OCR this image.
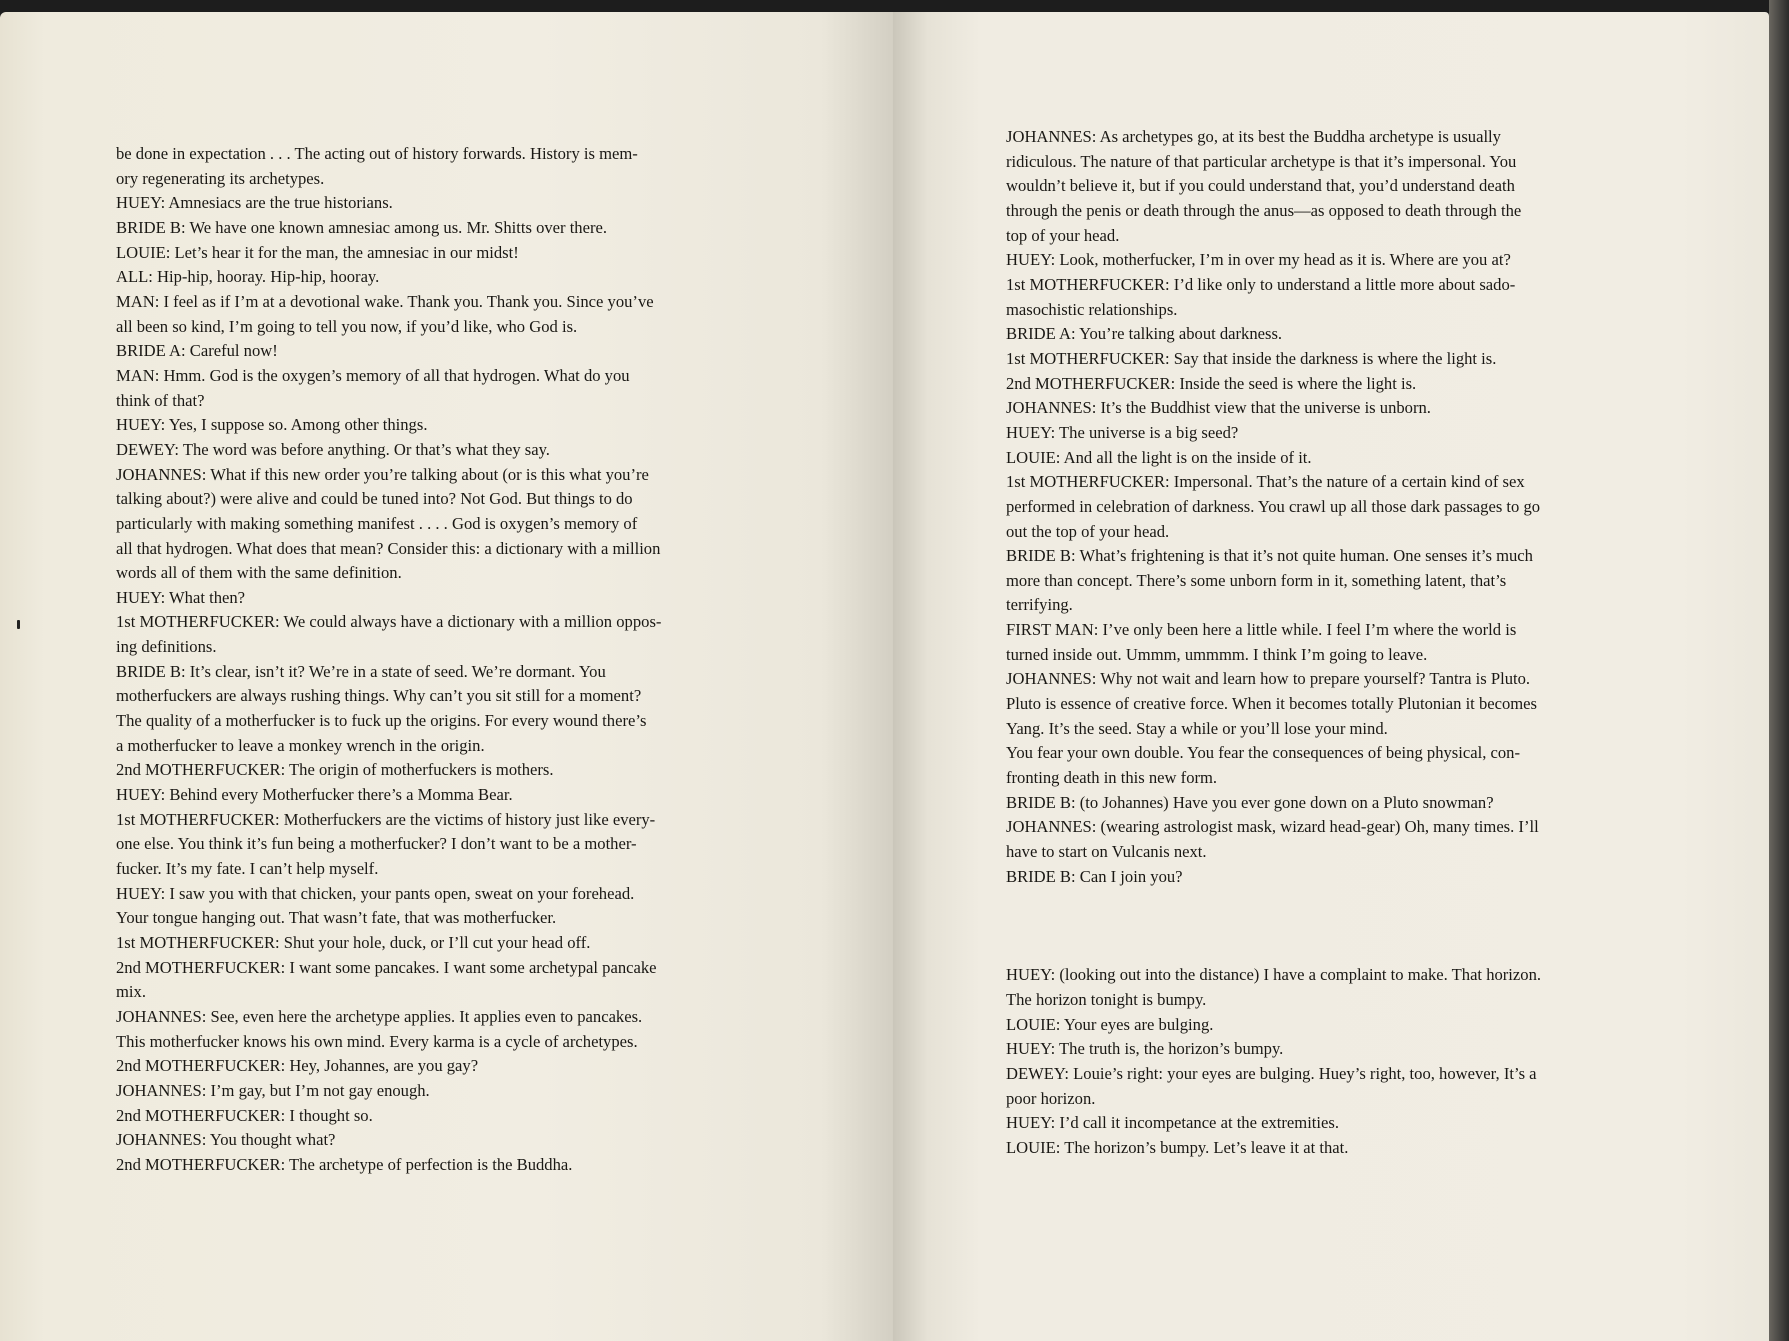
be done in expectation . . . The acting out of history forwards. History is mem-
ory regenerating its archetypes.
HUEY: Amnesiacs are the true historians.
BRIDE B: We have one known amnesiac among us. Mr. Shitts over there.
LOUIE: Let’s hear it for the man, the amnesiac in our midst!
ALL: Hip-hip, hooray. Hip-hip, hooray.
MAN: I feel as if I’m at a devotional wake. Thank you. Thank you. Since you’ve
all been so kind, I’m going to tell you now, if you’d like, who God is.
BRIDE A: Careful now!
MAN: Hmm. God is the oxygen’s memory of all that hydrogen. What do you
think of that?
HUEY: Yes, I suppose so. Among other things.
DEWEY: The word was before anything. Or that’s what they say.
JOHANNES: What if this new order you’re talking about (or is this what you’re
talking about?) were alive and could be tuned into? Not God. But things to do
particularly with making something manifest . . . . God is oxygen’s memory of
all that hydrogen. What does that mean? Consider this: a dictionary with a million
words all of them with the same definition.
HUEY: What then?
1st MOTHERFUCKER: We could always have a dictionary with a million oppos-
ing definitions.
BRIDE B: It’s clear, isn’t it? We’re in a state of seed. We’re dormant. You
motherfuckers are always rushing things. Why can’t you sit still for a moment?
The quality of a motherfucker is to fuck up the origins. For every wound there’s
a motherfucker to leave a monkey wrench in the origin.
2nd MOTHERFUCKER: The origin of motherfuckers is mothers.
HUEY: Behind every Motherfucker there’s a Momma Bear.
1st MOTHERFUCKER: Motherfuckers are the victims of history just like every-
one else. You think it’s fun being a motherfucker? I don’t want to be a mother-
fucker. It’s my fate. I can’t help myself.
HUEY: I saw you with that chicken, your pants open, sweat on your forehead.
Your tongue hanging out. That wasn’t fate, that was motherfucker.
1st MOTHERFUCKER: Shut your hole, duck, or I’ll cut your head off.
2nd MOTHERFUCKER: I want some pancakes. I want some archetypal pancake
mix.
JOHANNES: See, even here the archetype applies. It applies even to pancakes.
This motherfucker knows his own mind. Every karma is a cycle of archetypes.
2nd MOTHERFUCKER: Hey, Johannes, are you gay?
JOHANNES: I’m gay, but I’m not gay enough.
2nd MOTHERFUCKER: I thought so.
JOHANNES: You thought what?
2nd MOTHERFUCKER: The archetype of perfection is the Buddha.
JOHANNES: As archetypes go, at its best the Buddha archetype is usually
ridiculous. The nature of that particular archetype is that it’s impersonal. You
wouldn’t believe it, but if you could understand that, you’d understand death
through the penis or death through the anus—as opposed to death through the
top of your head.
HUEY: Look, motherfucker, I’m in over my head as it is. Where are you at?
1st MOTHERFUCKER: I’d like only to understand a little more about sado-
masochistic relationships.
BRIDE A: You’re talking about darkness.
1st MOTHERFUCKER: Say that inside the darkness is where the light is.
2nd MOTHERFUCKER: Inside the seed is where the light is.
JOHANNES: It’s the Buddhist view that the universe is unborn.
HUEY: The universe is a big seed?
LOUIE: And all the light is on the inside of it.
1st MOTHERFUCKER: Impersonal. That’s the nature of a certain kind of sex
performed in celebration of darkness. You crawl up all those dark passages to go
out the top of your head.
BRIDE B: What’s frightening is that it’s not quite human. One senses it’s much
more than concept. There’s some unborn form in it, something latent, that’s
terrifying.
FIRST MAN: I’ve only been here a little while. I feel I’m where the world is
turned inside out. Ummm, ummmm. I think I’m going to leave.
JOHANNES: Why not wait and learn how to prepare yourself? Tantra is Pluto.
Pluto is essence of creative force. When it becomes totally Plutonian it becomes
Yang. It’s the seed. Stay a while or you’ll lose your mind.
You fear your own double. You fear the consequences of being physical, con-
fronting death in this new form.
BRIDE B: (to Johannes) Have you ever gone down on a Pluto snowman?
JOHANNES: (wearing astrologist mask, wizard head-gear) Oh, many times. I’ll
have to start on Vulcanis next.
BRIDE B: Can I join you?
HUEY: (looking out into the distance) I have a complaint to make. That horizon.
The horizon tonight is bumpy.
LOUIE: Your eyes are bulging.
HUEY: The truth is, the horizon’s bumpy.
DEWEY: Louie’s right: your eyes are bulging. Huey’s right, too, however, It’s a
poor horizon.
HUEY: I’d call it incompetance at the extremities.
LOUIE: The horizon’s bumpy. Let’s leave it at that.
